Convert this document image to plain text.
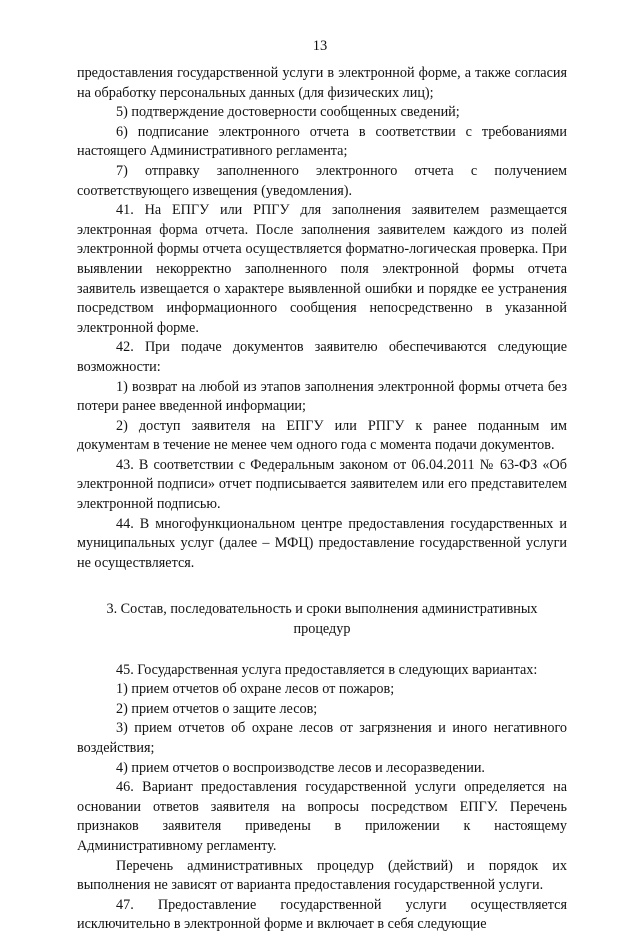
13

предоставления государственной услуги в электронной форме, а также согласия на обработку персональных данных (для физических лиц);

5) подтверждение достоверности сообщенных сведений;

6) подписание электронного отчета в соответствии с требованиями настоящего Административного регламента;

7) отправку заполненного электронного отчета с получением соответствующего извещения (уведомления).

41. На ЕПГУ или РПГУ для заполнения заявителем размещается электронная форма отчета. После заполнения заявителем каждого из полей электронной формы отчета осуществляется форматно-логическая проверка. При выявлении некорректно заполненного поля электронной формы отчета заявитель извещается о характере выявленной ошибки и порядке ее устранения посредством информационного сообщения непосредственно в указанной электронной форме.

42. При подаче документов заявителю обеспечиваются следующие возможности:

1) возврат на любой из этапов заполнения электронной формы отчета без потери ранее введенной информации;

2) доступ заявителя на ЕПГУ или РПГУ к ранее поданным им документам в течение не менее чем одного года с момента подачи документов.

43. В соответствии с Федеральным законом от 06.04.2011 № 63-ФЗ «Об электронной подписи» отчет подписывается заявителем или его представителем электронной подписью.

44. В многофункциональном центре предоставления государственных и муниципальных услуг (далее – МФЦ) предоставление государственной услуги не осуществляется.

3. Состав, последовательность и сроки выполнения административных процедур

45. Государственная услуга предоставляется в следующих вариантах:

1) прием отчетов об охране лесов от пожаров;

2) прием отчетов о защите лесов;

3) прием отчетов об охране лесов от загрязнения и иного негативного воздействия;

4) прием отчетов о воспроизводстве лесов и лесоразведении.

46. Вариант предоставления государственной услуги определяется на основании ответов заявителя на вопросы посредством ЕПГУ. Перечень признаков заявителя приведены в приложении к настоящему Административному регламенту.

Перечень административных процедур (действий) и порядок их выполнения не зависят от варианта предоставления государственной услуги.

47. Предоставление государственной услуги осуществляется исключительно в электронной форме и включает в себя следующие
